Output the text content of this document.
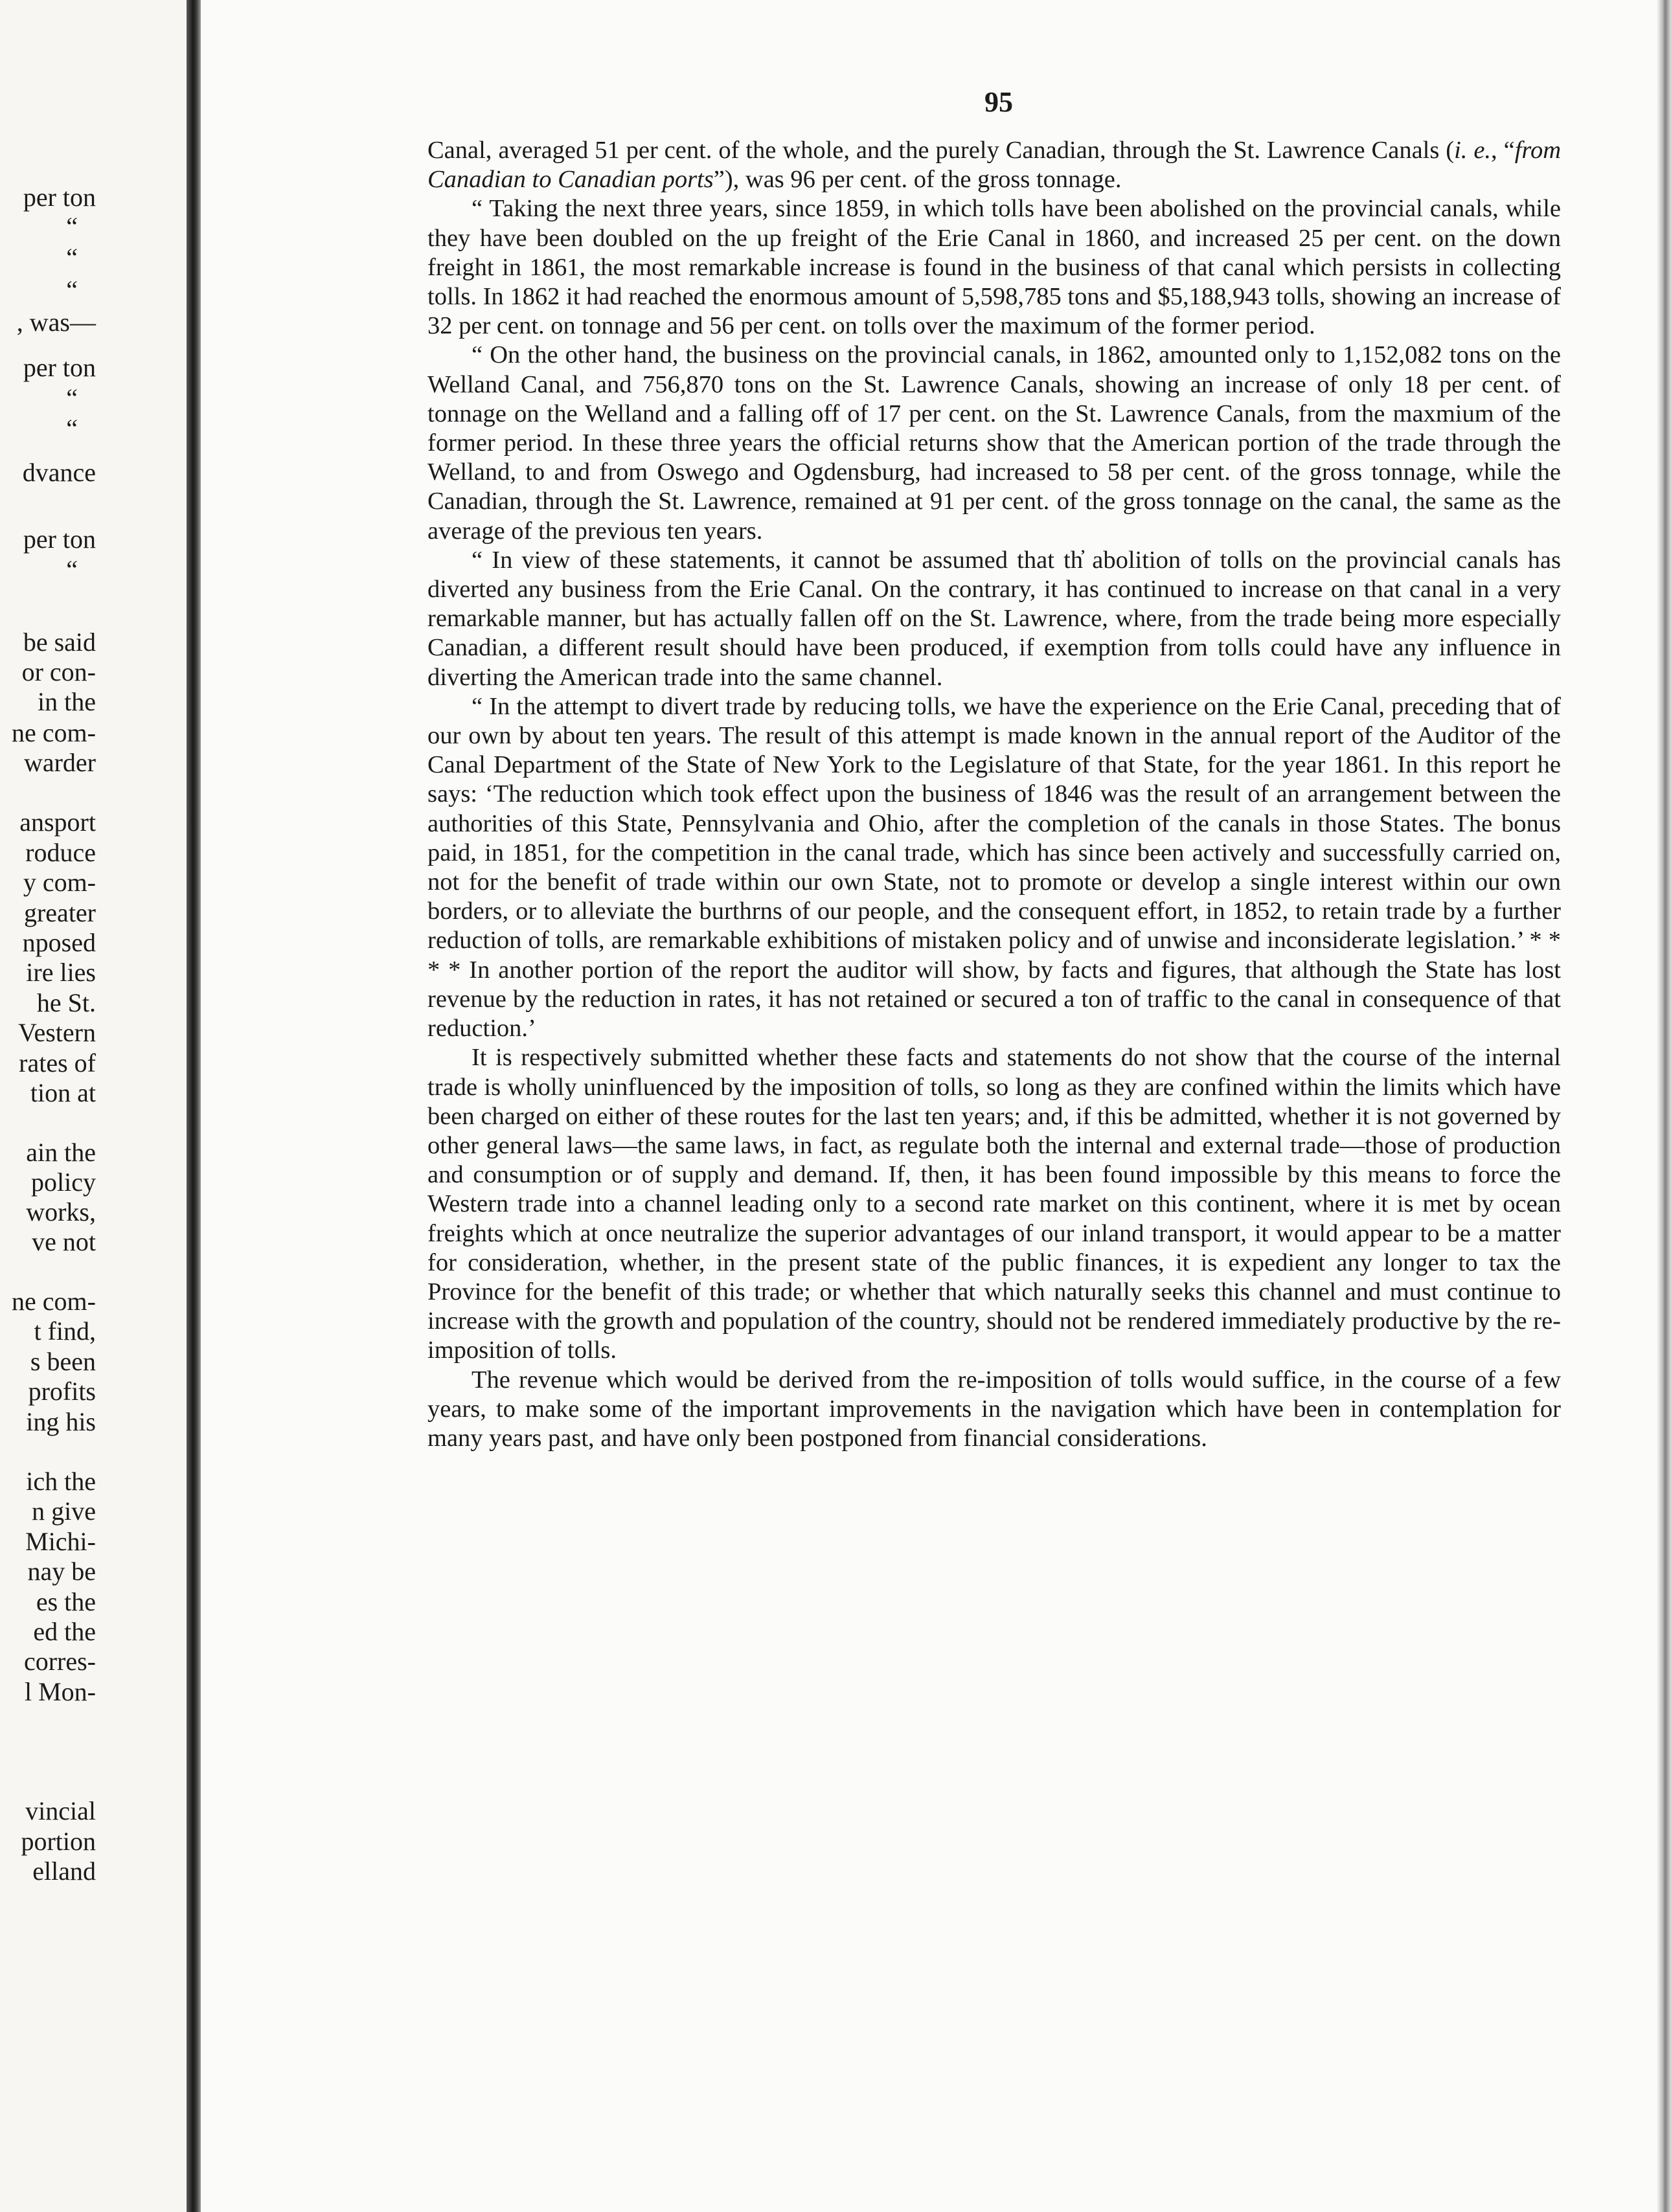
per ton
“
“
“
, was—
per ton
“
“
dvance
per ton
“
be said
or con-
in the
ne com-
warder
ansport
roduce
y com-
greater
nposed
ire lies
he St.
Vestern
rates of
tion at
ain the
policy
works,
ve not
ne com-
t find,
s been
profits
ing his
ich the
n give
Michi-
nay be
es the
ed the
corres-
l Mon-
vincial
portion
elland
95

Canal, averaged 51 per cent. of the whole, and the purely Canadian, through the St. Lawrence Canals (i. e., “from Canadian to Canadian ports”), was 96 per cent. of the gross tonnage.

“ Taking the next three years, since 1859, in which tolls have been abolished on the provincial canals, while they have been doubled on the up freight of the Erie Canal in 1860, and increased 25 per cent. on the down freight in 1861, the most remarkable increase is found in the business of that canal which persists in collecting tolls. In 1862 it had reached the enormous amount of 5,598,785 tons and $5,188,943 tolls, showing an increase of 32 per cent. on tonnage and 56 per cent. on tolls over the maximum of the former period.

“ On the other hand, the business on the provincial canals, in 1862, amounted only to 1,152,082 tons on the Welland Canal, and 756,870 tons on the St. Lawrence Canals, showing an increase of only 18 per cent. of tonnage on the Welland and a falling off of 17 per cent. on the St. Lawrence Canals, from the maxmium of the former period. In these three years the official returns show that the American portion of the trade through the Welland, to and from Oswego and Ogdensburg, had increased to 58 per cent. of the gross tonnage, while the Canadian, through the St. Lawrence, remained at 91 per cent. of the gross tonnage on the canal, the same as the average of the previous ten years.

“ In view of these statements, it cannot be assumed that th̓ abolition of tolls on the provincial canals has diverted any business from the Erie Canal. On the contrary, it has continued to increase on that canal in a very remarkable manner, but has actually fallen off on the St. Lawrence, where, from the trade being more especially Canadian, a different result should have been produced, if exemption from tolls could have any influence in diverting the American trade into the same channel.

“ In the attempt to divert trade by reducing tolls, we have the experience on the Erie Canal, preceding that of our own by about ten years. The result of this attempt is made known in the annual report of the Auditor of the Canal Department of the State of New York to the Legislature of that State, for the year 1861. In this report he says: ‘The reduction which took effect upon the business of 1846 was the result of an arrangement between the authorities of this State, Pennsylvania and Ohio, after the completion of the canals in those States. The bonus paid, in 1851, for the competition in the canal trade, which has since been actively and successfully carried on, not for the benefit of trade within our own State, not to promote or develop a single interest within our own borders, or to alleviate the burthrns of our people, and the consequent effort, in 1852, to retain trade by a further reduction of tolls, are remarkable exhibitions of mistaken policy and of unwise and inconsiderate legislation.’ * * * * In another portion of the report the auditor will show, by facts and figures, that although the State has lost revenue by the reduction in rates, it has not retained or secured a ton of traffic to the canal in consequence of that reduction.’

It is respectively submitted whether these facts and statements do not show that the course of the internal trade is wholly uninfluenced by the imposition of tolls, so long as they are confined within the limits which have been charged on either of these routes for the last ten years; and, if this be admitted, whether it is not governed by other general laws—the same laws, in fact, as regulate both the internal and external trade—those of production and consumption or of supply and demand. If, then, it has been found impossible by this means to force the Western trade into a channel leading only to a second rate market on this continent, where it is met by ocean freights which at once neutralize the superior advantages of our inland transport, it would appear to be a matter for consideration, whether, in the present state of the public finances, it is expedient any longer to tax the Province for the benefit of this trade; or whether that which naturally seeks this channel and must continue to increase with the growth and population of the country, should not be rendered immediately productive by the re-imposition of tolls.

The revenue which would be derived from the re-imposition of tolls would suffice, in the course of a few years, to make some of the important improvements in the navigation which have been in contemplation for many years past, and have only been postponed from financial considerations.
